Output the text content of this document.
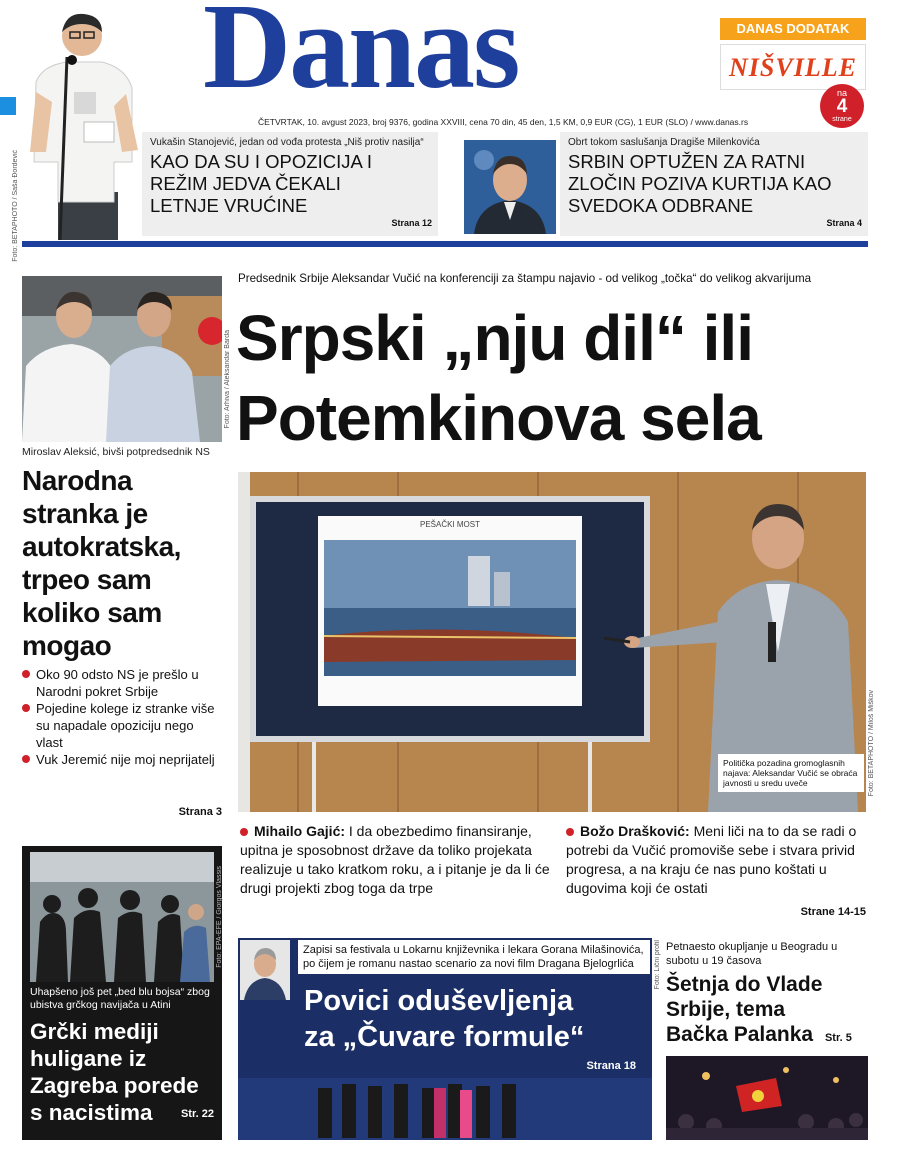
Foto: BETAPHOTO / Saša Đordević
Danas	DANAS DODATAK
NIŠVILLE
na
4
strane
ČETVRTAK, 10. avgust 2023, broj 9376, godina XXVIII, cena 70 din, 45 den, 1,5 KM, 0,9 EUR (CG), 1 EUR (SLO) / www.danas.rs
Vukašin Stanojević, jedan od vođa protesta „Niš protiv nasilja“
KAO DA SU I OPOZICIJA I
REŽIM JEDVA ČEKALI
LETNJE VRUĆINE
Strana 12
Obrt tokom saslušanja Dragiše Milenkovića
SRBIN OPTUŽEN ZA RATNI
ZLOČIN POZIVA KURTIJA KAO
SVEDOKA ODBRANE
Strana 4
Foto: Arhiva / Aleksandar Barda
Miroslav Aleksić, bivši potpredsednik NS
Narodna
stranka je
autokratska,
trpeo sam
koliko sam
mogao
Oko 90 odsto NS je prešlo u Narodni pokret Srbije
Pojedine kolege iz stranke više su napadale opoziciju nego vlast
Vuk Jeremić nije moj neprijatelj
Strana 3
Foto: EPA-EFE / Giorgos Vlassis
Uhapšeno još pet „bed blu bojsa“ zbog ubistva grčkog navijača u Atini
Grčki mediji
huligane iz
Zagreba porede
s nacistima	Str. 22
Predsednik Srbije Aleksandar Vučić na konferenciji za štampu najavio - od velikog „točka“ do velikog akvarijuma
Srpski „nju dil“ ili
Potemkinova sela
PEŠAČKI MOST
Politička pozadina gromoglasnih najava: Aleksandar Vučić se obraća javnosti u sredu uveče	Foto: BETAPHOTO / Miloš Miškov
Mihailo Gajić: I da obezbedimo finansiranje, upitna je sposobnost države da toliko projekata realizuje u tako kratkom roku, a i pitanje je da li će drugi projekti zbog toga da trpe
Božo Drašković: Meni liči na to da se radi o potrebi da Vučić promoviše sebe i stvara privid progresa, a na kraju će nas puno koštati u dugovima koji će ostati
Strane 14-15
Zapisi sa festivala u Lokarnu književnika i lekara Gorana Milašinovića, po čijem je romanu nastao scenario za novi film Dragana Bjelogrlića
Povici oduševljenja
za „Čuvare formule“
Strana 18
Foto: Lični profil Petnaesto okupljanje u Beogradu u subotu u 19 časova
Šetnja do Vlade
Srbije, tema
Bačka Palanka Str. 5
